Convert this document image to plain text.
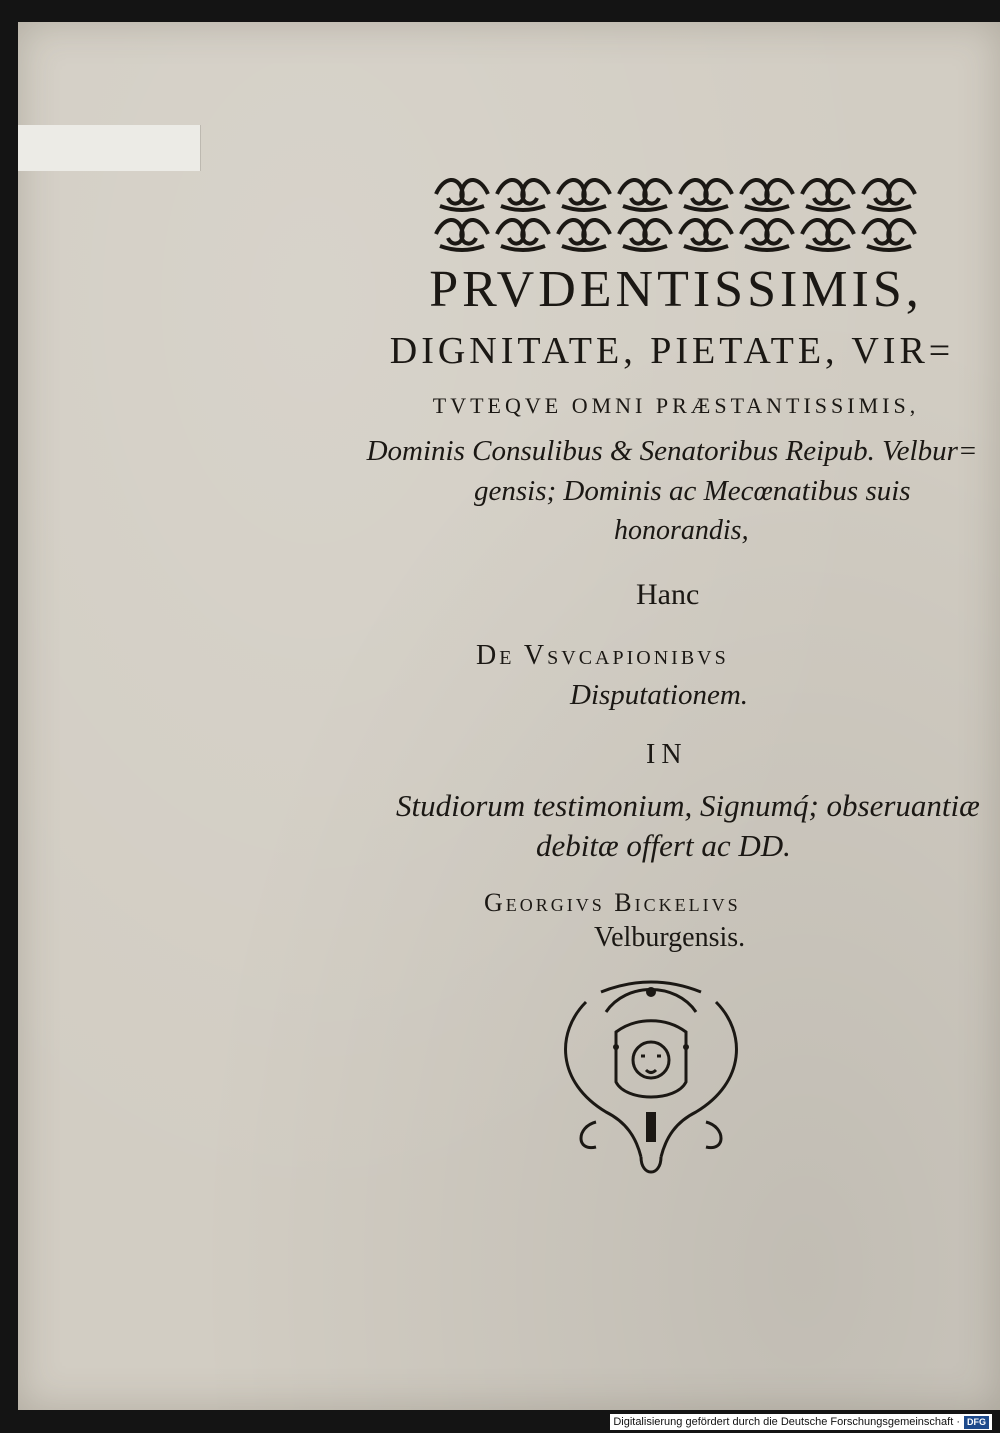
PRVDENTISSIMIS,
DIGNITATE, PIETATE, VIR=
TVTEQVE OMNI PRÆSTANTISSIMIS,
Dominis Consulibus & Senatoribus Reipub. Velbur=
gensis; Dominis ac Mecœnatibus suis
honorandis,
Hanc
De Vsvcapionibvs
Disputationem.
IN
Studiorum testimonium, Signumq́; obseruantiæ
debitæ offert ac DD.
Georgivs Bickelivs
Velburgensis.
Digitalisierung gefördert durch die Deutsche Forschungsgemeinschaft · DFG
